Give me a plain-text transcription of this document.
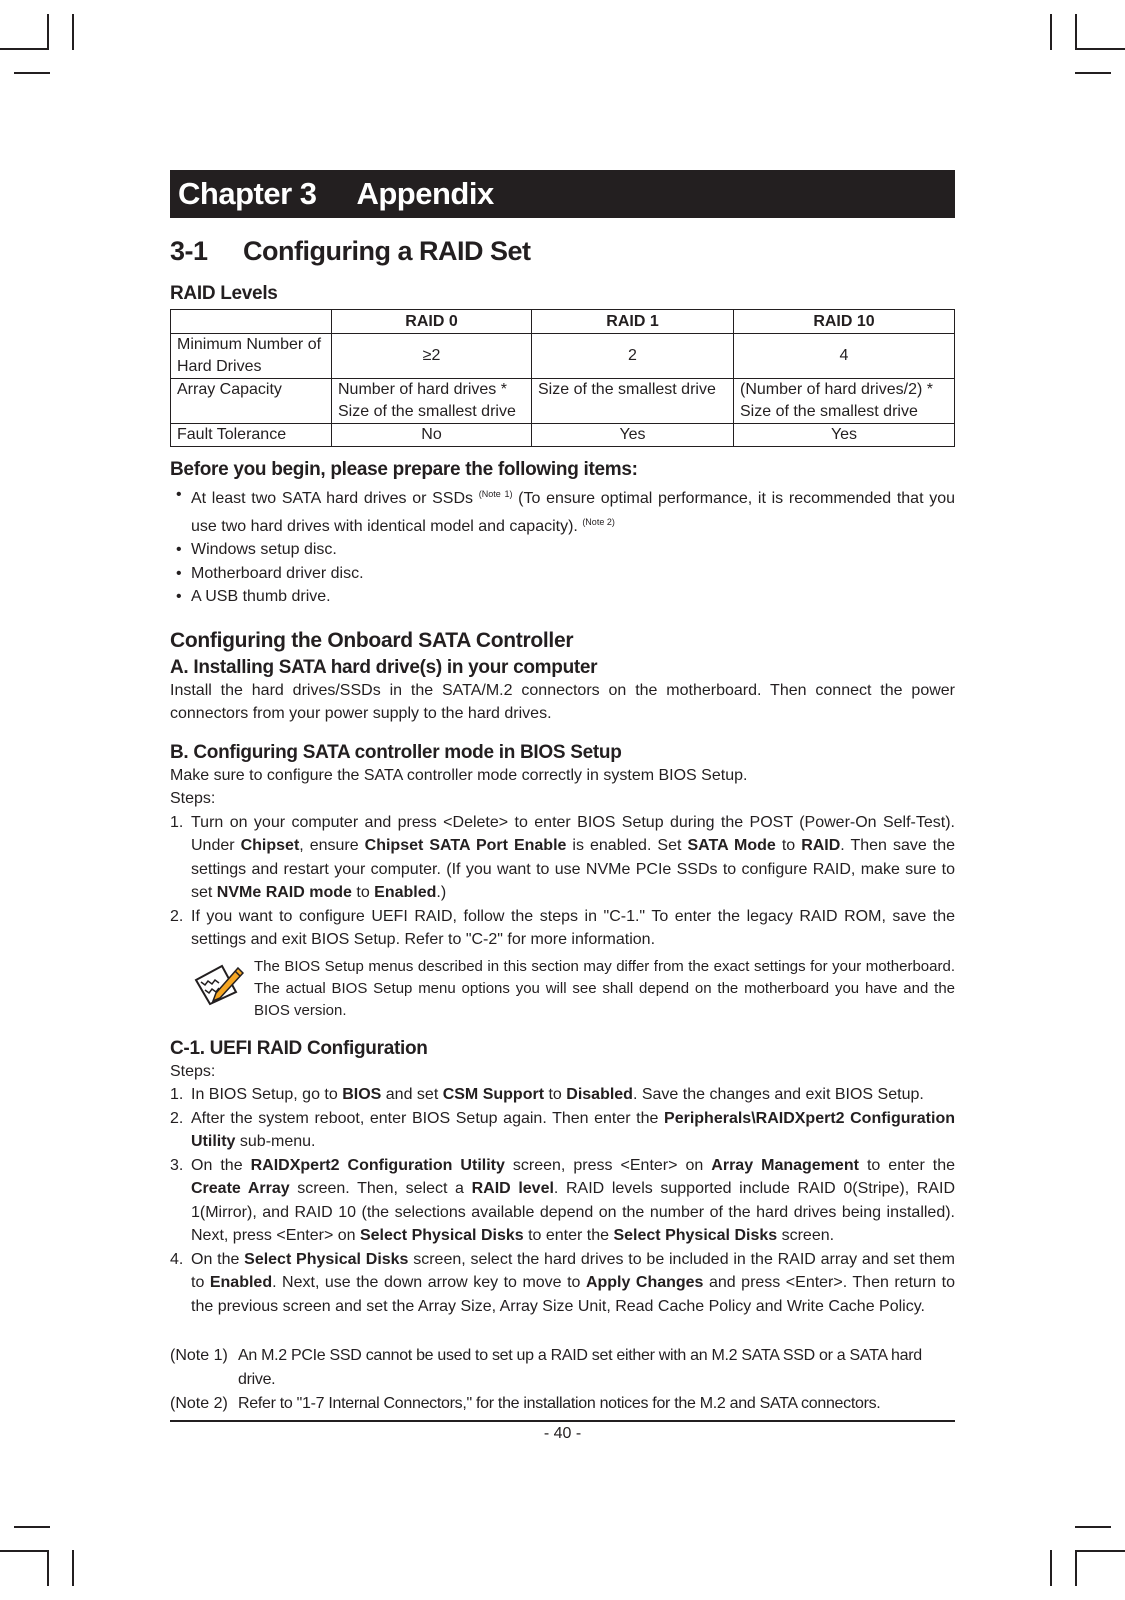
Chapter 3 Appendix
3-1 Configuring a RAID Set
RAID Levels
	RAID 0	RAID 1	RAID 10
Minimum Number of Hard Drives	≥2	2	4
Array Capacity	Number of hard drives * Size of the smallest drive	Size of the smallest drive	(Number of hard drives/2) * Size of the smallest drive
Fault Tolerance	No	Yes	Yes
Before you begin, please prepare the following items:
• At least two SATA hard drives or SSDs $^{(Note 1)}$ (To ensure optimal performance, it is recommended that you use two hard drives with identical model and capacity). $^{(Note 2)}$
• Windows setup disc.
• Motherboard driver disc.
• A USB thumb drive.
Configuring the Onboard SATA Controller
A. Installing SATA hard drive(s) in your computer

Install the hard drives/SSDs in the SATA/M.2 connectors on the motherboard. Then connect the power connectors from your power supply to the hard drives.

B. Configuring SATA controller mode in BIOS Setup

Make sure to configure the SATA controller mode correctly in system BIOS Setup.

Steps:

1. Turn on your computer and press <Delete> to enter BIOS Setup during the POST (Power-On Self-Test). Under Chipset, ensure Chipset SATA Port Enable is enabled. Set SATA Mode to RAID. Then save the settings and restart your computer. (If you want to use NVMe PCIe SSDs to configure RAID, make sure to set NVMe RAID mode to Enabled.)
2. If you want to configure UEFI RAID, follow the steps in "C-1." To enter the legacy RAID ROM, save the settings and exit BIOS Setup. Refer to "C-2" for more information.
The BIOS Setup menus described in this section may differ from the exact settings for your motherboard. The actual BIOS Setup menu options you will see shall depend on the motherboard you have and the BIOS version.
C-1. UEFI RAID Configuration

Steps:

1. In BIOS Setup, go to BIOS and set CSM Support to Disabled. Save the changes and exit BIOS Setup.
2. After the system reboot, enter BIOS Setup again. Then enter the Peripherals\RAIDXpert2 Configuration Utility sub-menu.
3. On the RAIDXpert2 Configuration Utility screen, press <Enter> on Array Management to enter the Create Array screen. Then, select a RAID level. RAID levels supported include RAID 0(Stripe), RAID 1(Mirror), and RAID 10 (the selections available depend on the number of the hard drives being installed). Next, press <Enter> on Select Physical Disks to enter the Select Physical Disks screen.
4. On the Select Physical Disks screen, select the hard drives to be included in the RAID array and set them to Enabled. Next, use the down arrow key to move to Apply Changes and press <Enter>. Then return to the previous screen and set the Array Size, Array Size Unit, Read Cache Policy and Write Cache Policy.
(Note 1) An M.2 PCIe SSD cannot be used to set up a RAID set either with an M.2 SATA SSD or a SATA hard drive.
(Note 2) Refer to "1-7 Internal Connectors," for the installation notices for the M.2 and SATA connectors.
- 40 -
